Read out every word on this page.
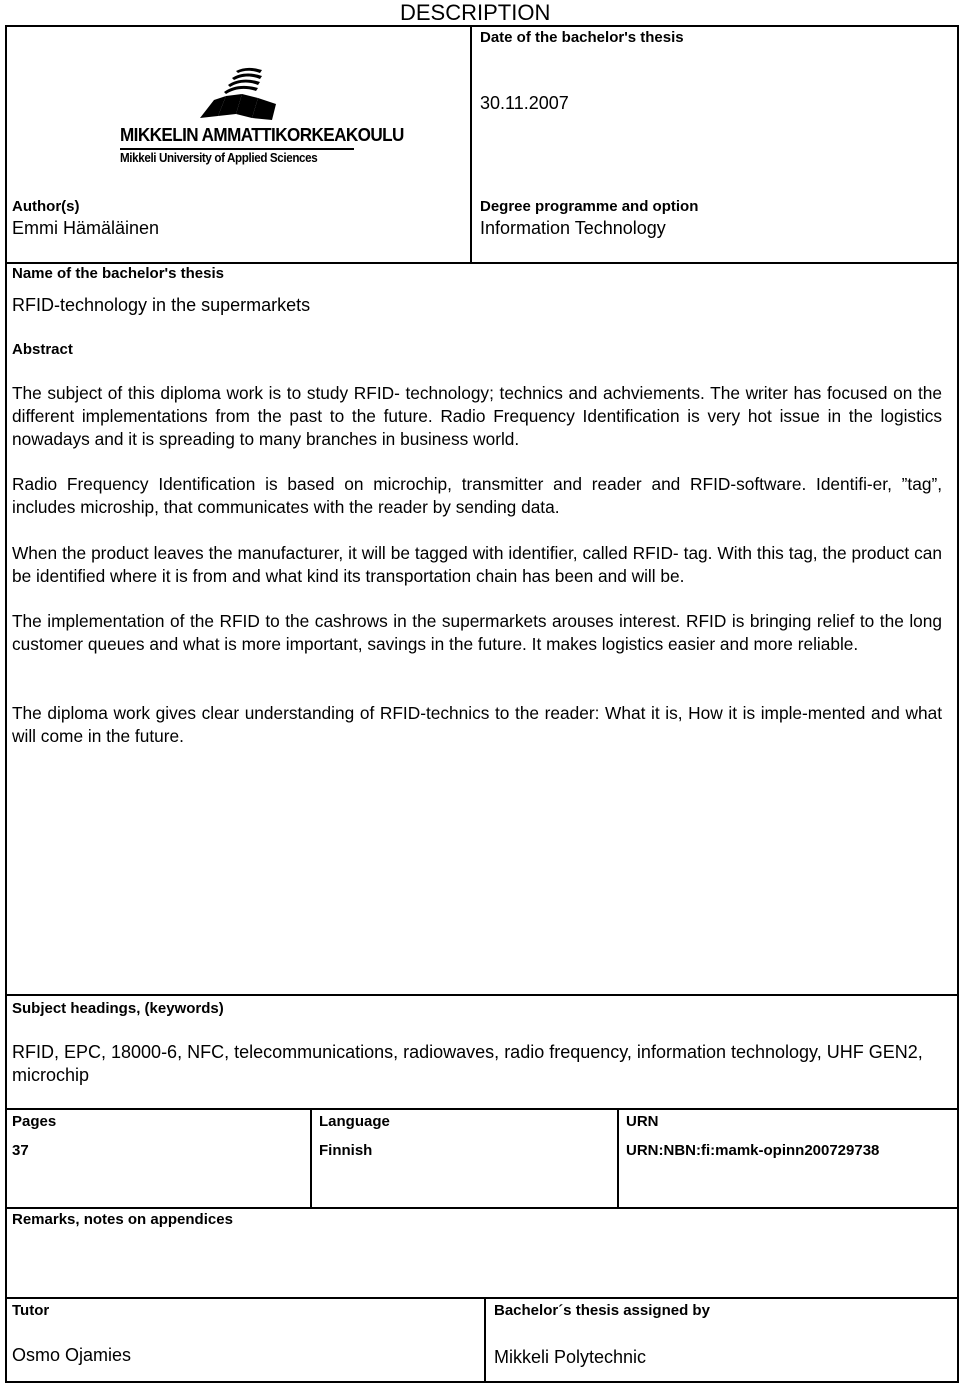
DESCRIPTION
Date of the bachelor's thesis
30.11.2007
MIKKELIN AMMATTIKORKEAKOULU
Mikkeli University of Applied Sciences
Author(s)
Emmi Hämäläinen
Degree programme and option
Information Technology
Name of the bachelor's thesis
RFID-technology in the supermarkets
Abstract
The subject of this diploma work is to study RFID- technology; technics and achviements. The writer has focused on the different implementations from the past to the future. Radio Frequency Identification is very hot issue in the logistics nowadays and it is spreading to many branches in business world.
Radio Frequency Identification is based on microchip, transmitter and reader and RFID-software. Identifi-er, ”tag”, includes microship, that communicates with the reader by sending data.
When the product leaves the manufacturer, it will be tagged with identifier, called RFID- tag. With this tag, the product can be identified where it is from and what kind its transportation chain has been and will be.
The implementation of the RFID to the cashrows in the supermarkets arouses interest. RFID is bringing relief to the long customer queues and what is more important, savings in the future. It makes logistics easier and more reliable.
The diploma work gives clear understanding of RFID-technics to the reader: What it is, How it is imple-mented and what will come in the future.
Subject headings, (keywords)
RFID, EPC, 18000-6, NFC, telecommunications, radiowaves, radio frequency, information technology, UHF GEN2, microchip
Pages
37
Language
Finnish
URN
URN:NBN:fi:mamk-opinn200729738
Remarks, notes on appendices
Tutor
Osmo Ojamies
Bachelor´s thesis assigned by
Mikkeli Polytechnic
